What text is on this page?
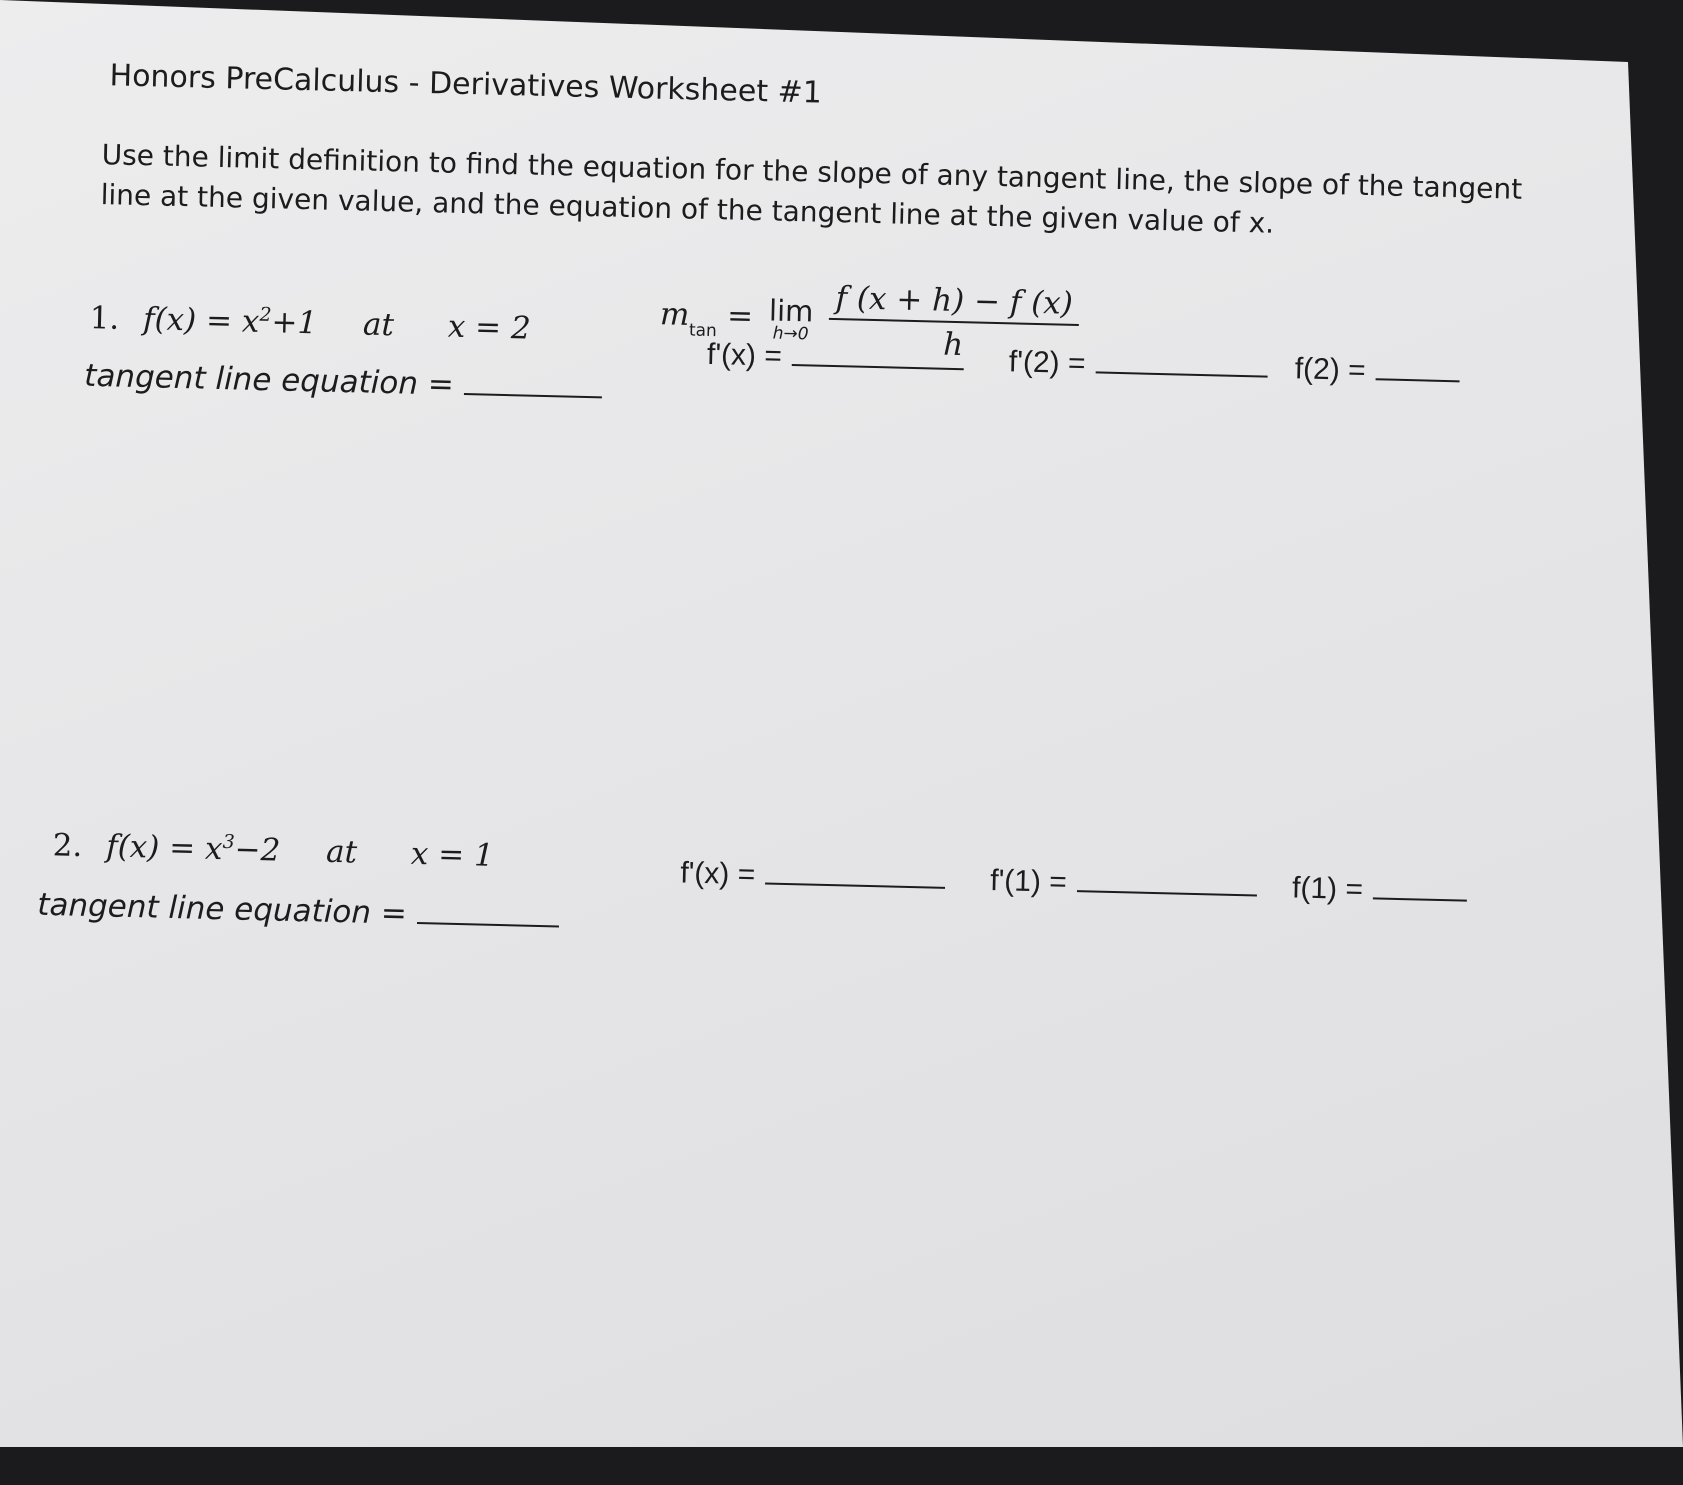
Honors PreCalculus - Derivatives Worksheet #1
Use the limit definition to find the equation for the slope of any tangent line, the slope of the tangent line at the given value, and the equation of the tangent line at the given value of x.
$m_{tan} = \lim$
h→0
$\frac{f (x + h) - f (x)}{h}$
1. $f(x) = x^2+1$ at x = 2
f'(x) =	f'(2) =	f(2) =
tangent line equation =
2. $f(x) = x^3-2$ at x = 1	f'(x) =	f'(1) =	f(1) =
tangent line equation =
